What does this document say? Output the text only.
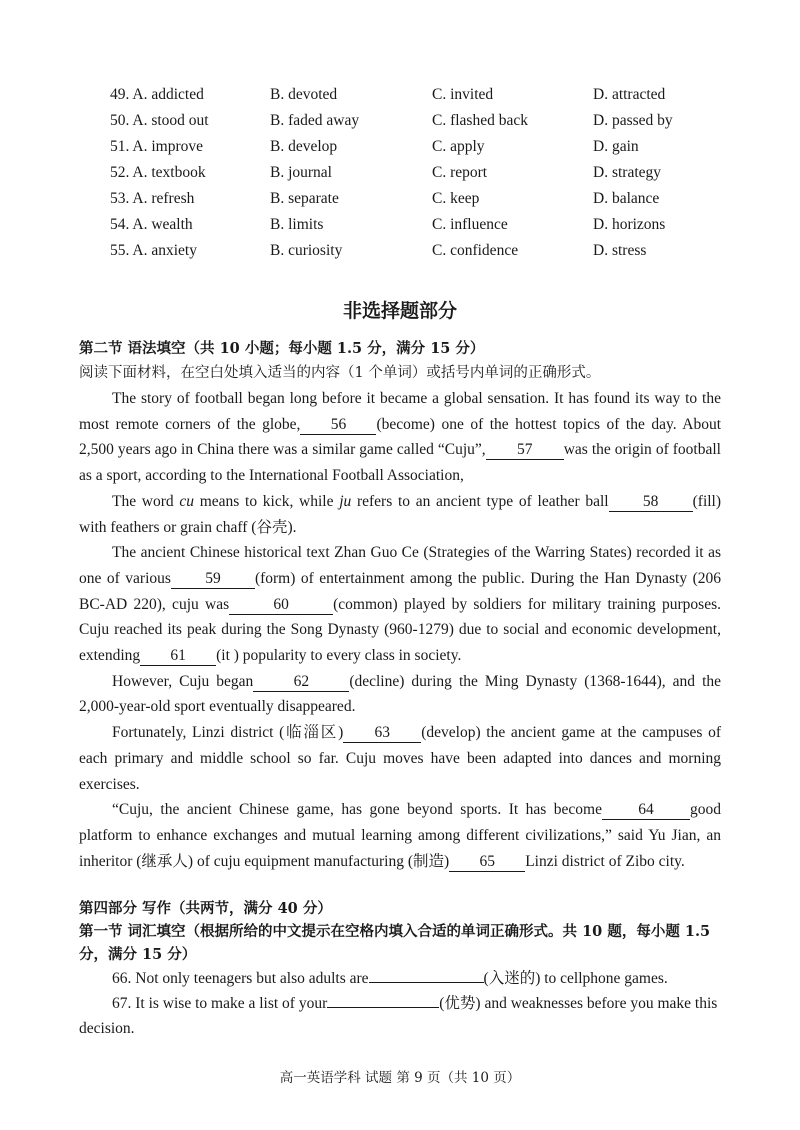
49. A. addicted	B. devoted	C. invited	D. attracted
50. A. stood out	B. faded away	C. flashed back	D. passed by
51. A. improve	B. develop	C. apply	D. gain
52. A. textbook	B. journal	C. report	D. strategy
53. A. refresh	B. separate	C. keep	D. balance
54. A. wealth	B. limits	C. influence	D. horizons
55. A. anxiety	B. curiosity	C. confidence	D. stress
非选择题部分
第二节 语法填空（共 10 小题；每小题 1.5 分，满分 15 分）
阅读下面材料，在空白处填入适当的内容（1 个单词）或括号内单词的正确形式。

The story of football began long before it became a global sensation. It has found its way to the most remote corners of the globe, 56 (become) one of the hottest topics of the day. About 2,500 years ago in China there was a similar game called “Cuju”, 57 was the origin of football as a sport, according to the International Football Association,

The word cu means to kick, while ju refers to an ancient type of leather ball 58 (fill) with feathers or grain chaff (谷壳).

The ancient Chinese historical text Zhan Guo Ce (Strategies of the Warring States) recorded it as one of various 59 (form) of entertainment among the public. During the Han Dynasty (206 BC-AD 220), cuju was	60	(common) played by soldiers for military training purposes. Cuju reached its peak during the Song Dynasty (960-1279) due to social and economic development, extending 61 (it ) popularity to every class in society.

However, Cuju began	62	(decline) during the Ming Dynasty (1368-1644), and the 2,000-year-old sport eventually disappeared.

Fortunately, Linzi district (临淄区) 63 (develop) the ancient game at the campuses of each primary and middle school so far. Cuju moves have been adapted into dances and morning exercises.

“Cuju, the ancient Chinese game, has gone beyond sports. It has become 64 good platform to enhance exchanges and mutual learning among different civilizations,” said Yu Jian, an inheritor (继承人) of cuju equipment manufacturing (制造) 65 Linzi district of Zibo city.

第四部分 写作（共两节，满分 40 分）
第一节 词汇填空（根据所给的中文提示在空格内填入合适的单词正确形式。共 10 题，每小题 1.5 分，满分 15 分）

66. Not only teenagers but also adults are	(入迷的) to cellphone games.

67. It is wise to make a list of your	(优势) and weaknesses before you make this decision.

高一英语学科 试题 第 9 页（共 10 页）
